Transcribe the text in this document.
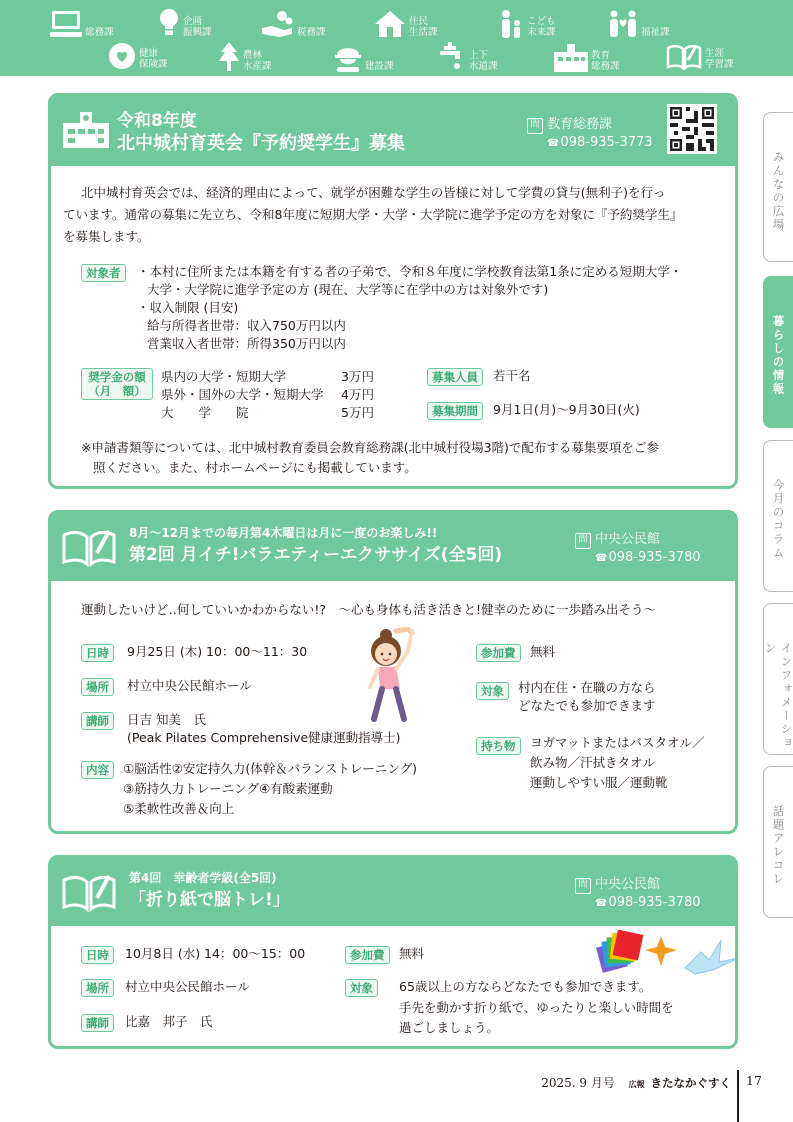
総務課
企画
振興課	税務課
住民
生活課
こども
未来課	福祉課
健康
保険課
農林
水産課	建設課
上下
水道課
教育
総務課
生涯
学習課
みんなの広場
暮らしの情報
今月のコラム
インフォメーション
話題アレコレ
令和8年度
北中城村育英会『予約奨学生』募集
問 教育総務課
☎ 098-935-3773
北中城村育英会では、経済的理由によって、就学が困難な学生の皆様に対して学費の貸与(無利子)を行っ
ています。通常の募集に先立ち、令和8年度に短期大学・大学・大学院に進学予定の方を対象に『予約奨学生』
を募集します。
対象者	・本村に住所または本籍を有する者の子弟で、令和８年度に学校教育法第1条に定める短期大学・
大学・大学院に進学予定の方 (現在、大学等に在学中の方は対象外です)
・収入制限 (目安)
給与所得者世帯：収入750万円以内
営業収入者世帯：所得350万円以内
奨学金の額
（月　額）
県内の大学・短期大学	3万円
県外・国外の大学・短期大学 4万円
大　　学　　院	5万円
募集人員	若干名
募集期間	9月1日(月)～9月30日(火)
※申請書類等については、北中城村教育委員会教育総務課(北中城村役場3階)で配布する募集要項をご参
照ください。また、村ホームページにも掲載しています。
8月～12月までの毎月第4木曜日は月に一度のお楽しみ!!
第2回 月イチ!バラエティーエクササイズ(全5回)
問 中央公民館
☎ 098-935-3780
運動したいけど‥何していいかわからない!?　～心も身体も活き活きと!健幸のために一歩踏み出そう～
日時	9月25日 (木) 10：00～11：30
場所	村立中央公民館ホール
講師	日吉 知美　氏
(Peak Pilates Comprehensive健康運動指導士)
内容	①脳活性②安定持久力(体幹＆バランストレーニング)
③筋持久力トレーニング④有酸素運動
⑤柔軟性改善＆向上
参加費	無料
対象	村内在住・在職の方なら
どなたでも参加できます
持ち物	ヨガマットまたはバスタオル／
飲み物／汗拭きタオル
運動しやすい服／運動靴
第4回　幸齢者学級(全5回)
「折り紙で脳トレ!」
問 中央公民館
☎ 098-935-3780
日時	10月8日 (水) 14：00～15：00
場所	村立中央公民館ホール
講師	比嘉　邦子　氏
参加費	無料
対象	65歳以上の方ならどなたでも参加できます。
手先を動かす折り紙で、ゆったりと楽しい時間を
過ごしましょう。
2025. 9 月号 広報 きたなかぐすく 17
